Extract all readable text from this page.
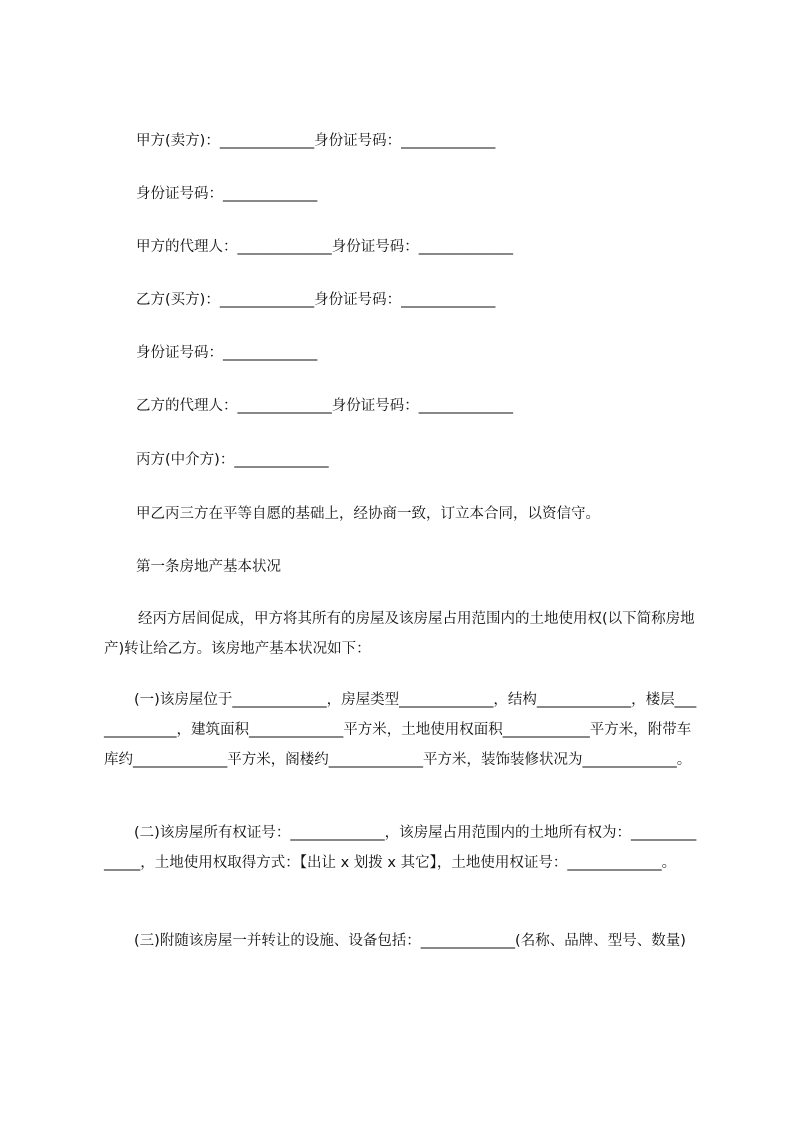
甲方(卖方)：_____________身份证号码：_____________
身份证号码：_____________
甲方的代理人：_____________身份证号码：_____________
乙方(买方)：_____________身份证号码：_____________
身份证号码：_____________
乙方的代理人：_____________身份证号码：_____________
丙方(中介方)：_____________
甲乙丙三方在平等自愿的基础上，经协商一致，订立本合同，以资信守。
第一条房地产基本状况
经丙方居间促成，甲方将其所有的房屋及该房屋占用范围内的土地使用权(以下简称房地产)转让给乙方。该房地产基本状况如下：
(一)该房屋位于_____________，房屋类型_____________，结构_____________，楼层_____________，建筑面积_____________平方米，土地使用权面积____________平方米，附带车库约_____________平方米，阁楼约_____________平方米，装饰装修状况为_____________。
(二)该房屋所有权证号：_____________，该房屋占用范围内的土地所有权为：______________，土地使用权取得方式：【出让 x 划拨 x 其它】，土地使用权证号：_____________。
(三)附随该房屋一并转让的设施、设备包括：_____________(名称、品牌、型号、数量)
